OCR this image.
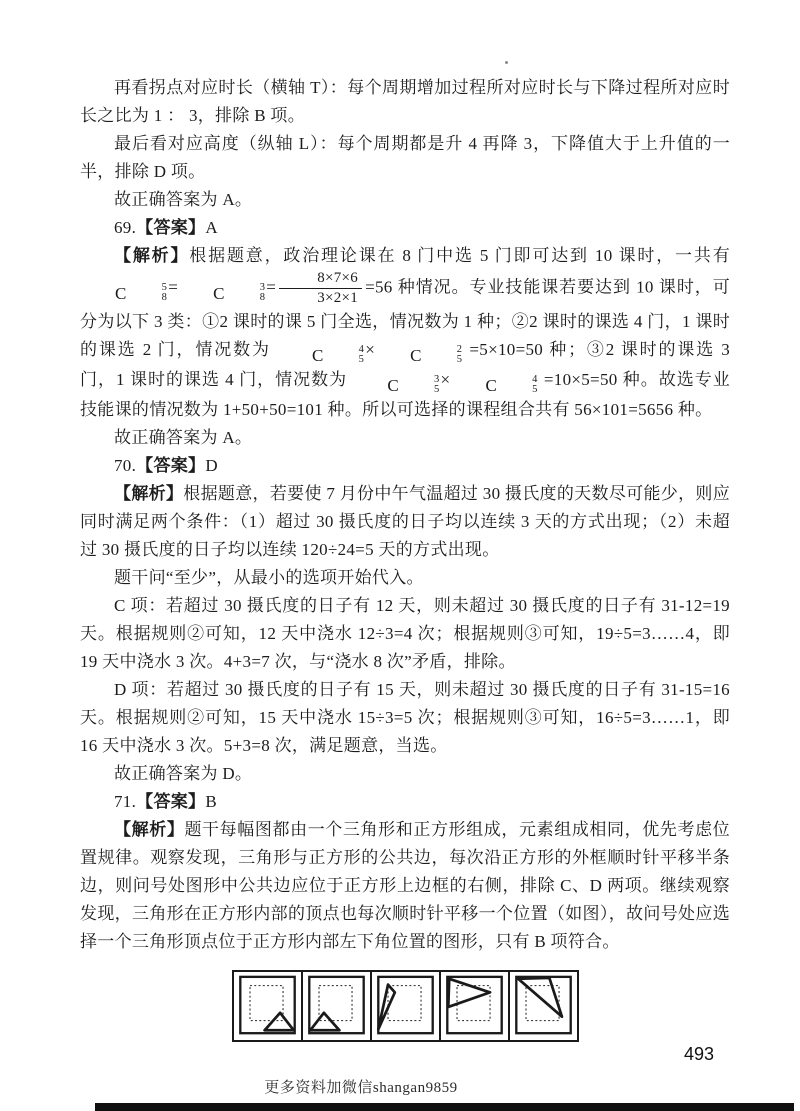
再看拐点对应时长（横轴 T）：每个周期增加过程所对应时长与下降过程所对应时长之比为 1 ： 3，排除 B 项。

最后看对应高度（纵轴 L）：每个周期都是升 4 再降 3，下降值大于上升值的一半，排除 D 项。

故正确答案为 A。

69.【答案】A

【解析】根据题意，政治理论课在 8 门中选 5 门即可达到 10 课时，一共有
C	5
8
=	C	3
8
= $\frac{8\times 7\times 6}{3\times 2\times 1} =56$ 种情况。专业技能课若要达到 10 课时，可分为以下 3 类：①2 课时的课 5 门全选，情况数为 1 种；②2 课时的课选 4 门，1 课时的课选 2 门，情况数为	C	4
5
×	C	2
5
=5×10=50 种；③2 课时的课选 3 门，1 课时的课选 4 门，情况数为	C	3
5
×	C	4
5
=10×5=50 种。故选专业技能课的情况数为 1+50+50=101 种。所以可选择的课程组合共有 56×101=5656 种。

故正确答案为 A。

70.【答案】D

【解析】根据题意，若要使 7 月份中午气温超过 30 摄氏度的天数尽可能少，则应同时满足两个条件：（1）超过 30 摄氏度的日子均以连续 3 天的方式出现；（2）未超过 30 摄氏度的日子均以连续 120÷24=5 天的方式出现。

题干问“至少”，从最小的选项开始代入。

C 项：若超过 30 摄氏度的日子有 12 天，则未超过 30 摄氏度的日子有 31-12=19 天。根据规则②可知，12 天中浇水 12÷3=4 次；根据规则③可知，19÷5=3……4，即 19 天中浇水 3 次。4+3=7 次，与“浇水 8 次”矛盾，排除。

D 项：若超过 30 摄氏度的日子有 15 天，则未超过 30 摄氏度的日子有 31-15=16 天。根据规则②可知，15 天中浇水 15÷3=5 次；根据规则③可知，16÷5=3……1，即 16 天中浇水 3 次。5+3=8 次，满足题意，当选。

故正确答案为 D。

71.【答案】B

【解析】题干每幅图都由一个三角形和正方形组成，元素组成相同，优先考虑位置规律。观察发现，三角形与正方形的公共边，每次沿正方形的外框顺时针平移半条边，则问号处图形中公共边应位于正方形上边框的右侧，排除 C、D 两项。继续观察发现，三角形在正方形内部的顶点也每次顺时针平移一个位置（如图），故问号处应选择一个三角形顶点位于正方形内部左下角位置的图形，只有 B 项符合。

493
更多资料加微信shangan9859
